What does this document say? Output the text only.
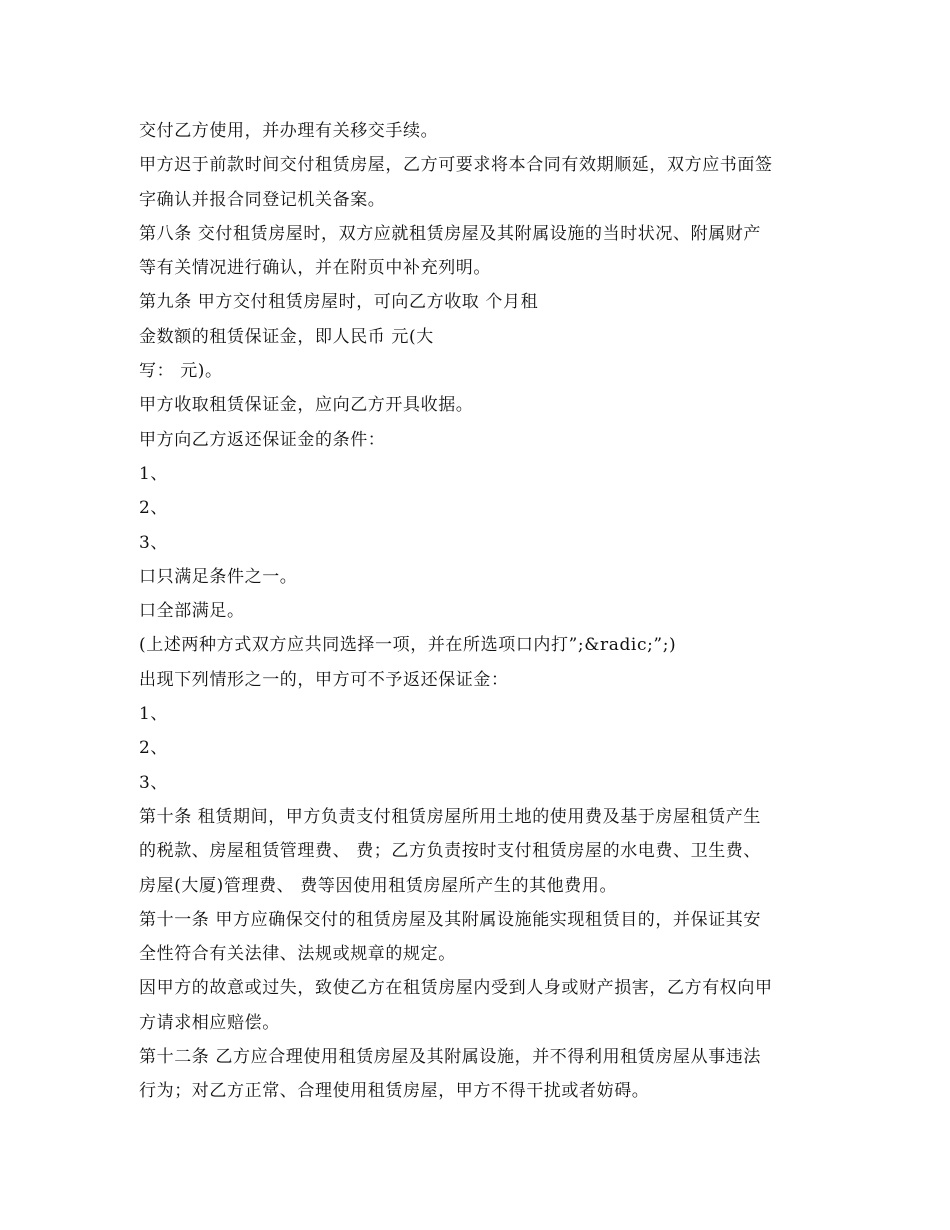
交付乙方使用，并办理有关移交手续。
甲方迟于前款时间交付租赁房屋，乙方可要求将本合同有效期顺延，双方应书面签
字确认并报合同登记机关备案。
第八条 交付租赁房屋时，双方应就租赁房屋及其附属设施的当时状况、附属财产
等有关情况进行确认，并在附页中补充列明。
第九条 甲方交付租赁房屋时，可向乙方收取 个月租
金数额的租赁保证金，即人民币 元(大
写： 元)。
甲方收取租赁保证金，应向乙方开具收据。
甲方向乙方返还保证金的条件：
1、
2、
3、
口只满足条件之一。
口全部满足。
(上述两种方式双方应共同选择一项，并在所选项口内打”;&radic;”;)
出现下列情形之一的，甲方可不予返还保证金：
1、
2、
3、
第十条 租赁期间，甲方负责支付租赁房屋所用土地的使用费及基于房屋租赁产生
的税款、房屋租赁管理费、 费；乙方负责按时支付租赁房屋的水电费、卫生费、
房屋(大厦)管理费、 费等因使用租赁房屋所产生的其他费用。
第十一条 甲方应确保交付的租赁房屋及其附属设施能实现租赁目的，并保证其安
全性符合有关法律、法规或规章的规定。
因甲方的故意或过失，致使乙方在租赁房屋内受到人身或财产损害，乙方有权向甲
方请求相应赔偿。
第十二条 乙方应合理使用租赁房屋及其附属设施，并不得利用租赁房屋从事违法
行为；对乙方正常、合理使用租赁房屋，甲方不得干扰或者妨碍。
